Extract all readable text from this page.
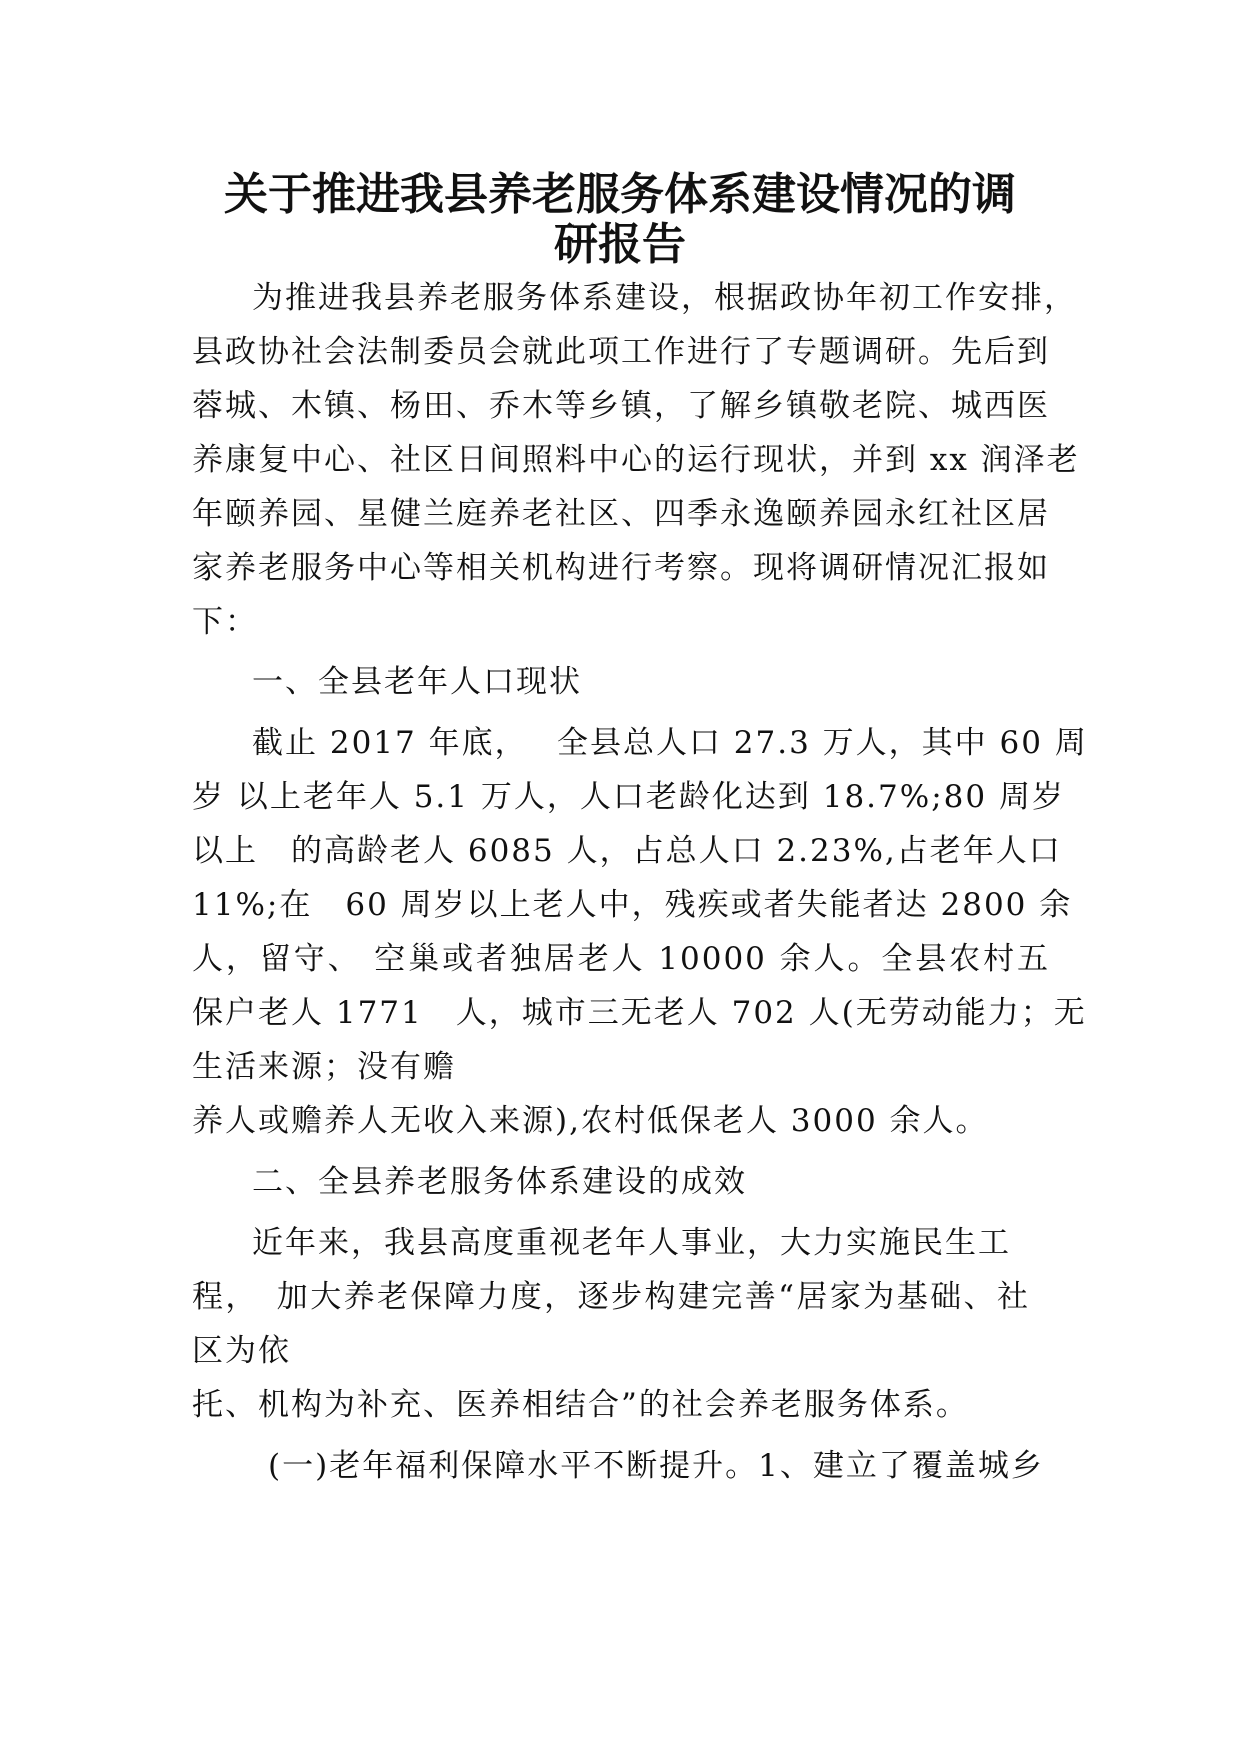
关于推进我县养老服务体系建设情况的调
研报告
为推进我县养老服务体系建设，根据政协年初工作安排，
县政协社会法制委员会就此项工作进行了专题调研。先后到
蓉城、木镇、杨田、乔木等乡镇，了解乡镇敬老院、城西医
养康复中心、社区日间照料中心的运行现状，并到 xx 润泽老
年颐养园、星健兰庭养老社区、四季永逸颐养园永红社区居
家养老服务中心等相关机构进行考察。现将调研情况汇报如
下：
一、全县老年人口现状
截止 2017 年底，　 全县总人口 27.3 万人，其中 60 周
岁 以上老年人 5.1 万人，人口老龄化达到 18.7%;80 周岁
以上　的高龄老人 6085 人，占总人口 2.23%,占老年人口
11%;在　60 周岁以上老人中，残疾或者失能者达 2800 余
人，留守、 空巢或者独居老人 10000 余人。全县农村五
保户老人 1771　人，城市三无老人 702 人(无劳动能力；无
生活来源；没有赡
养人或赡养人无收入来源),农村低保老人 3000 余人。
二、全县养老服务体系建设的成效
近年来，我县高度重视老年人事业，大力实施民生工
程，　加大养老保障力度，逐步构建完善“居家为基础、社
区为依
托、机构为补充、医养相结合”的社会养老服务体系。
(一)老年福利保障水平不断提升。1、建立了覆盖城乡
